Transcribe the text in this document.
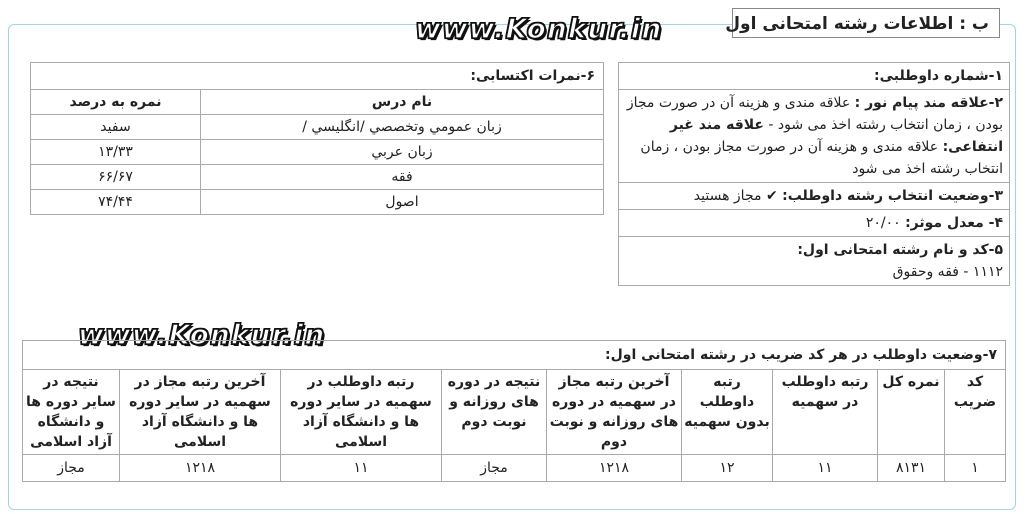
ب : اطلاعات رشته امتحانی اول
www.Konkur.in
۶-نمرات اکتسابی:	
نام درس	نمره به درصد
زبان عمومي وتخصصي /انگليسي /	سفيد
زبان عربي	۱۳/۳۳
فقه	۶۶/۶۷
اصول	۷۴/۴۴
۱-شماره داوطلبی:
۲-علاقه مند پیام نور : علاقه مندی و هزینه آن در صورت مجاز بودن ، زمان انتخاب رشته اخذ می شود - علاقه مند غیر انتفاعی: علاقه مندی و هزینه آن در صورت مجاز بودن ، زمان انتخاب رشته اخذ می شود
۳-وضعیت انتخاب رشته داوطلب: ✔ مجاز هستید
۴- معدل موثر: ۲۰/۰۰
۵-کد و نام رشته امتحانی اول:
۱۱۱۲ - فقه وحقوق
www.Konkur.in
۷-وضعیت داوطلب در هر کد ضریب در رشته امتحانی اول:								
کد ضریب	نمره کل	رتبه داوطلب در سهمیه	رتبه داوطلب بدون سهمیه	آخرین رتبه مجاز در سهمیه در دوره های روزانه و نوبت دوم	نتیجه در دوره های روزانه و نوبت دوم	رتبه داوطلب در سهمیه در سایر دوره ها و دانشگاه آزاد اسلامی	آخرین رتبه مجاز در سهمیه در سایر دوره ها و دانشگاه آزاد اسلامی	نتیجه در سایر دوره ها و دانشگاه آزاد اسلامی
۱	۸۱۳۱	۱۱	۱۲	۱۲۱۸	مجاز	۱۱	۱۲۱۸	مجاز
